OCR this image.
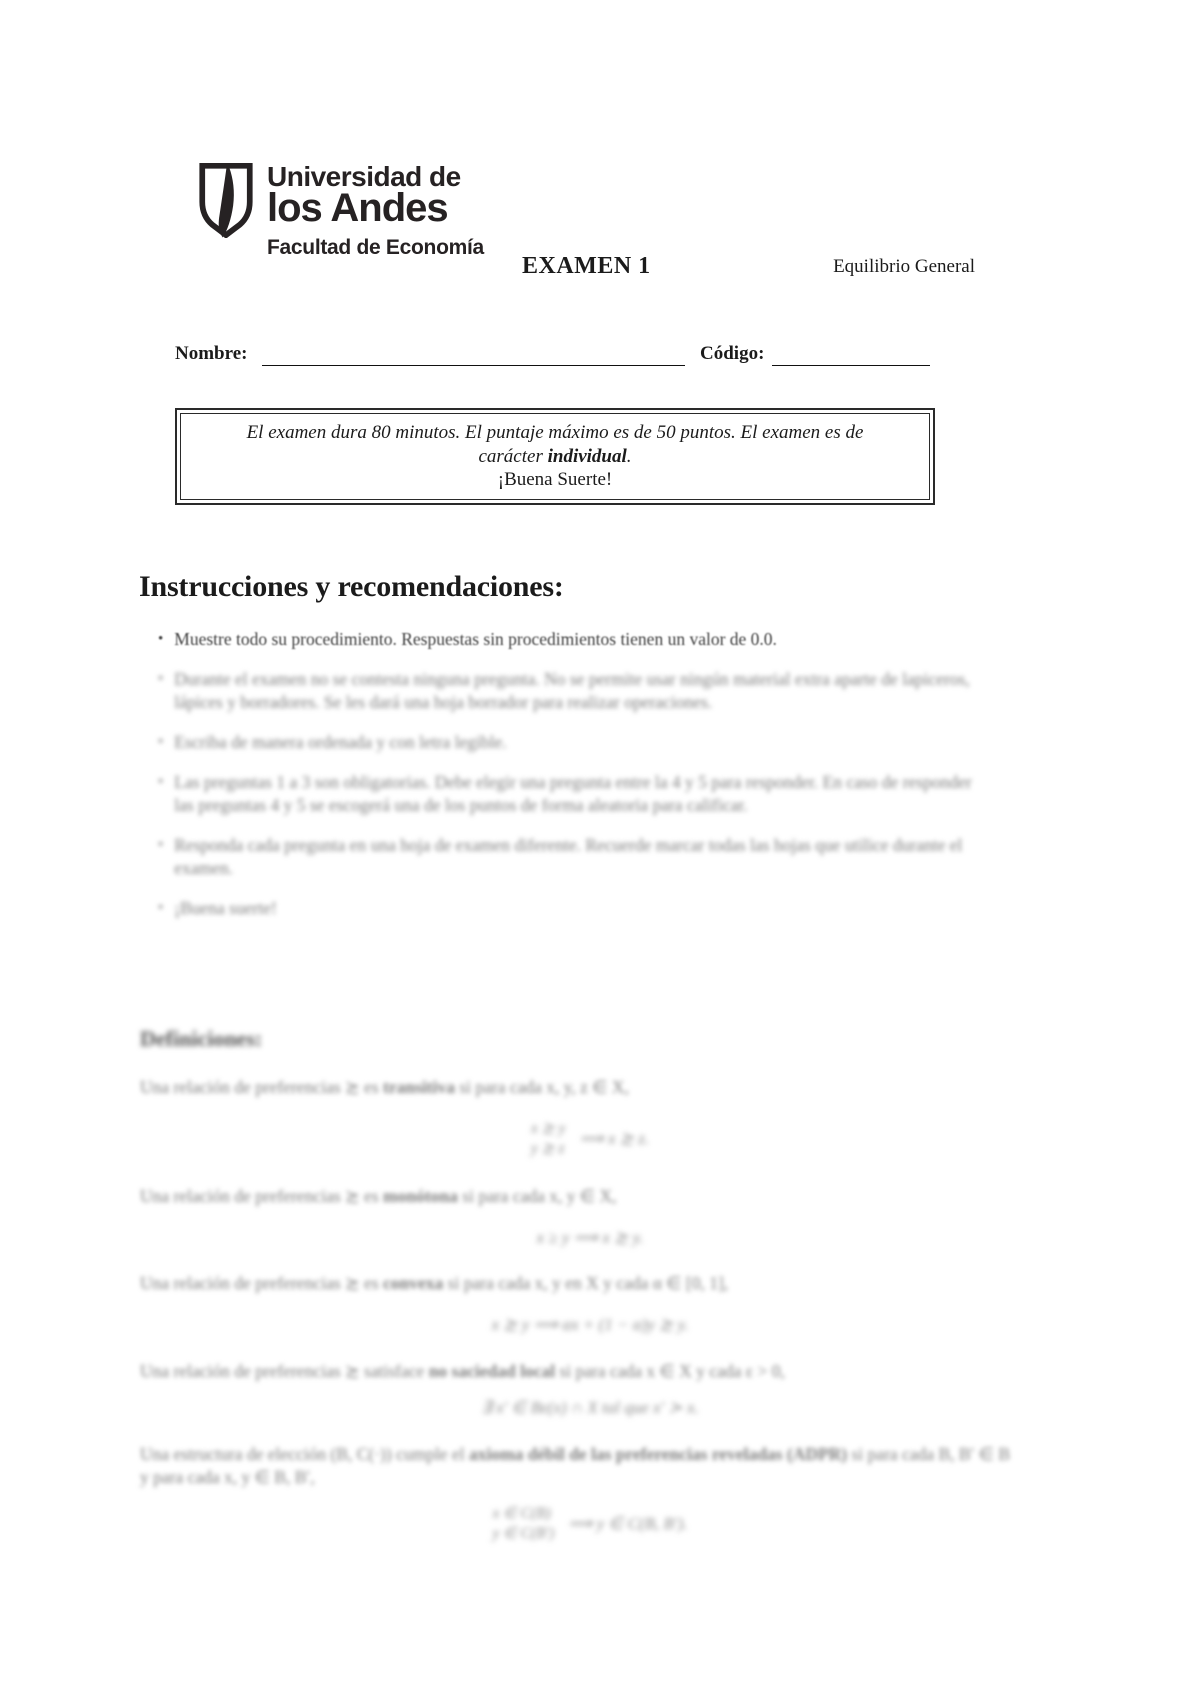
Universidad de
los Andes
Facultad de Economía
EXAMEN 1	Equilibrio General
Nombre:	Código:
El examen dura 80 minutos. El puntaje máximo es de 50 puntos. El examen es de
carácter individual.
¡Buena Suerte!
Instrucciones y recomendaciones:
• Muestre todo su procedimiento. Respuestas sin procedimientos tienen un valor de 0.0.
• Durante el examen no se contesta ninguna pregunta. No se permite usar ningún material extra aparte de lapiceros, lápices y borradores. Se les dará una hoja borrador para realizar operaciones.
• Escriba de manera ordenada y con letra legible.
• Las preguntas 1 a 3 son obligatorias. Debe elegir una pregunta entre la 4 y 5 para responder. En caso de responder las preguntas 4 y 5 se escogerá una de los puntos de forma aleatoria para calificar.
• Responda cada pregunta en una hoja de examen diferente. Recuerde marcar todas las hojas que utilice durante el examen.
• ¡Buena suerte!
Definiciones:

Una relación de preferencias ≿ es transitiva si para cada x, y, z ∈ X,

x ≿ y
y ≿ z
⟹ x ≿ z.

Una relación de preferencias ≿ es monótona si para cada x, y ∈ X,

x ≥ y ⟹ x ≿ y.

Una relación de preferencias ≿ es convexa si para cada x, y en X y cada α ∈ [0, 1],

x ≿ y ⟹ αx + (1 − α)y ≿ y.

Una relación de preferencias ≿ satisface no saciedad local si para cada x ∈ X y cada ε > 0,

∃ x′ ∈ Bε(x) ∩ X tal que x′ ≻ x.

Una estructura de elección (B, C(·)) cumple el axioma débil de las preferencias reveladas (ADPR) si para cada B, B′ ∈ B y para cada x, y ∈ B, B′,

x ∈ C(B)
y ∈ C(B′)
⟹ y ∈ C(B, B′).
